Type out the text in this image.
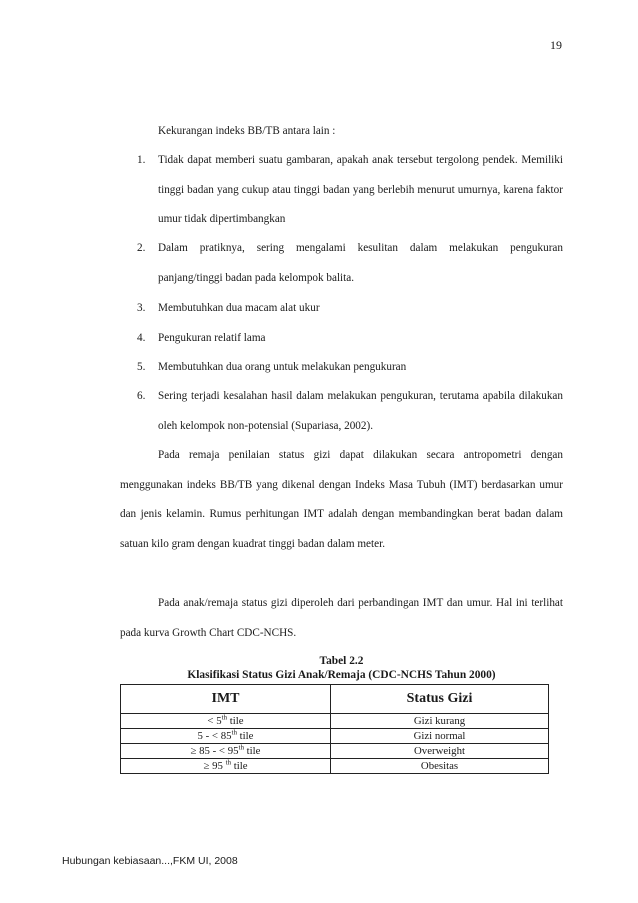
19
Kekurangan indeks BB/TB antara lain :
1.	Tidak dapat memberi suatu gambaran, apakah anak tersebut tergolong pendek. Memiliki tinggi badan yang cukup atau tinggi badan yang berlebih menurut umurnya, karena faktor umur tidak dipertimbangkan
2.	Dalam pratiknya, sering mengalami kesulitan dalam melakukan pengukuran panjang/tinggi badan pada kelompok balita.
3.	Membutuhkan dua macam alat ukur
4.	Pengukuran relatif lama
5.	Membutuhkan dua orang untuk melakukan pengukuran
6.	Sering terjadi kesalahan hasil dalam melakukan pengukuran, terutama apabila dilakukan oleh kelompok non-potensial (Supariasa, 2002).
Pada remaja penilaian status gizi dapat dilakukan secara antropometri dengan menggunakan indeks BB/TB yang dikenal dengan Indeks Masa Tubuh (IMT) berdasarkan umur dan jenis kelamin. Rumus perhitungan IMT adalah dengan membandingkan berat badan dalam satuan kilo gram dengan kuadrat tinggi badan dalam meter.
Pada anak/remaja status gizi diperoleh dari perbandingan IMT dan umur. Hal ini terlihat pada kurva Growth Chart CDC-NCHS.
Tabel 2.2
Klasifikasi Status Gizi Anak/Remaja (CDC-NCHS Tahun 2000)
IMT	Status Gizi
< 5th tile	Gizi kurang
5 - < 85th tile	Gizi normal
≥ 85 - < 95th tile	Overweight
≥ 95 $^{th}$ tile	Obesitas
Hubungan kebiasaan...,FKM UI, 2008
